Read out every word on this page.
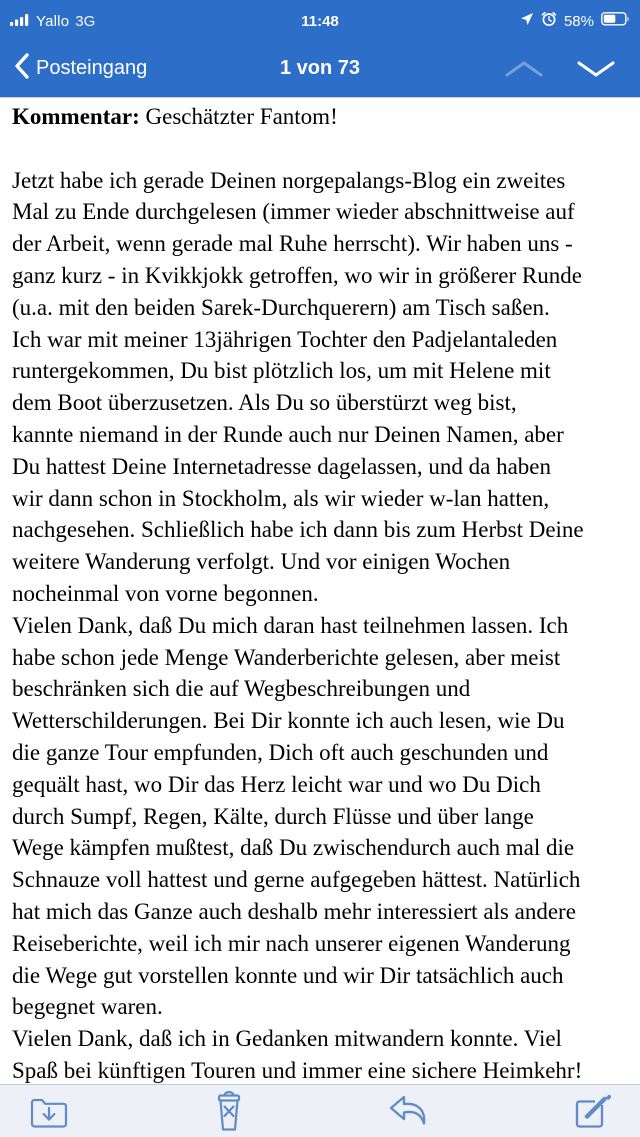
Yallo 3G	11:48	58%
Posteingang	1 von 73

Kommentar: Geschätzter Fantom!

Jetzt habe ich gerade Deinen norgepalangs-Blog ein zweites
Mal zu Ende durchgelesen (immer wieder abschnittweise auf
der Arbeit, wenn gerade mal Ruhe herrscht). Wir haben uns -
ganz kurz - in Kvikkjokk getroffen, wo wir in größerer Runde
(u.a. mit den beiden Sarek-Durchquerern) am Tisch saßen.
Ich war mit meiner 13jährigen Tochter den Padjelantaleden
runtergekommen, Du bist plötzlich los, um mit Helene mit
dem Boot überzusetzen. Als Du so überstürzt weg bist,
kannte niemand in der Runde auch nur Deinen Namen, aber
Du hattest Deine Internetadresse dagelassen, und da haben
wir dann schon in Stockholm, als wir wieder w-lan hatten,
nachgesehen. Schließlich habe ich dann bis zum Herbst Deine
weitere Wanderung verfolgt. Und vor einigen Wochen
nocheinmal von vorne begonnen.
Vielen Dank, daß Du mich daran hast teilnehmen lassen. Ich
habe schon jede Menge Wanderberichte gelesen, aber meist
beschränken sich die auf Wegbeschreibungen und
Wetterschilderungen. Bei Dir konnte ich auch lesen, wie Du
die ganze Tour empfunden, Dich oft auch geschunden und
gequält hast, wo Dir das Herz leicht war und wo Du Dich
durch Sumpf, Regen, Kälte, durch Flüsse und über lange
Wege kämpfen mußtest, daß Du zwischendurch auch mal die
Schnauze voll hattest und gerne aufgegeben hättest. Natürlich
hat mich das Ganze auch deshalb mehr interessiert als andere
Reiseberichte, weil ich mir nach unserer eigenen Wanderung
die Wege gut vorstellen konnte und wir Dir tatsächlich auch
begegnet waren.
Vielen Dank, daß ich in Gedanken mitwandern konnte. Viel
Spaß bei künftigen Touren und immer eine sichere Heimkehr!
